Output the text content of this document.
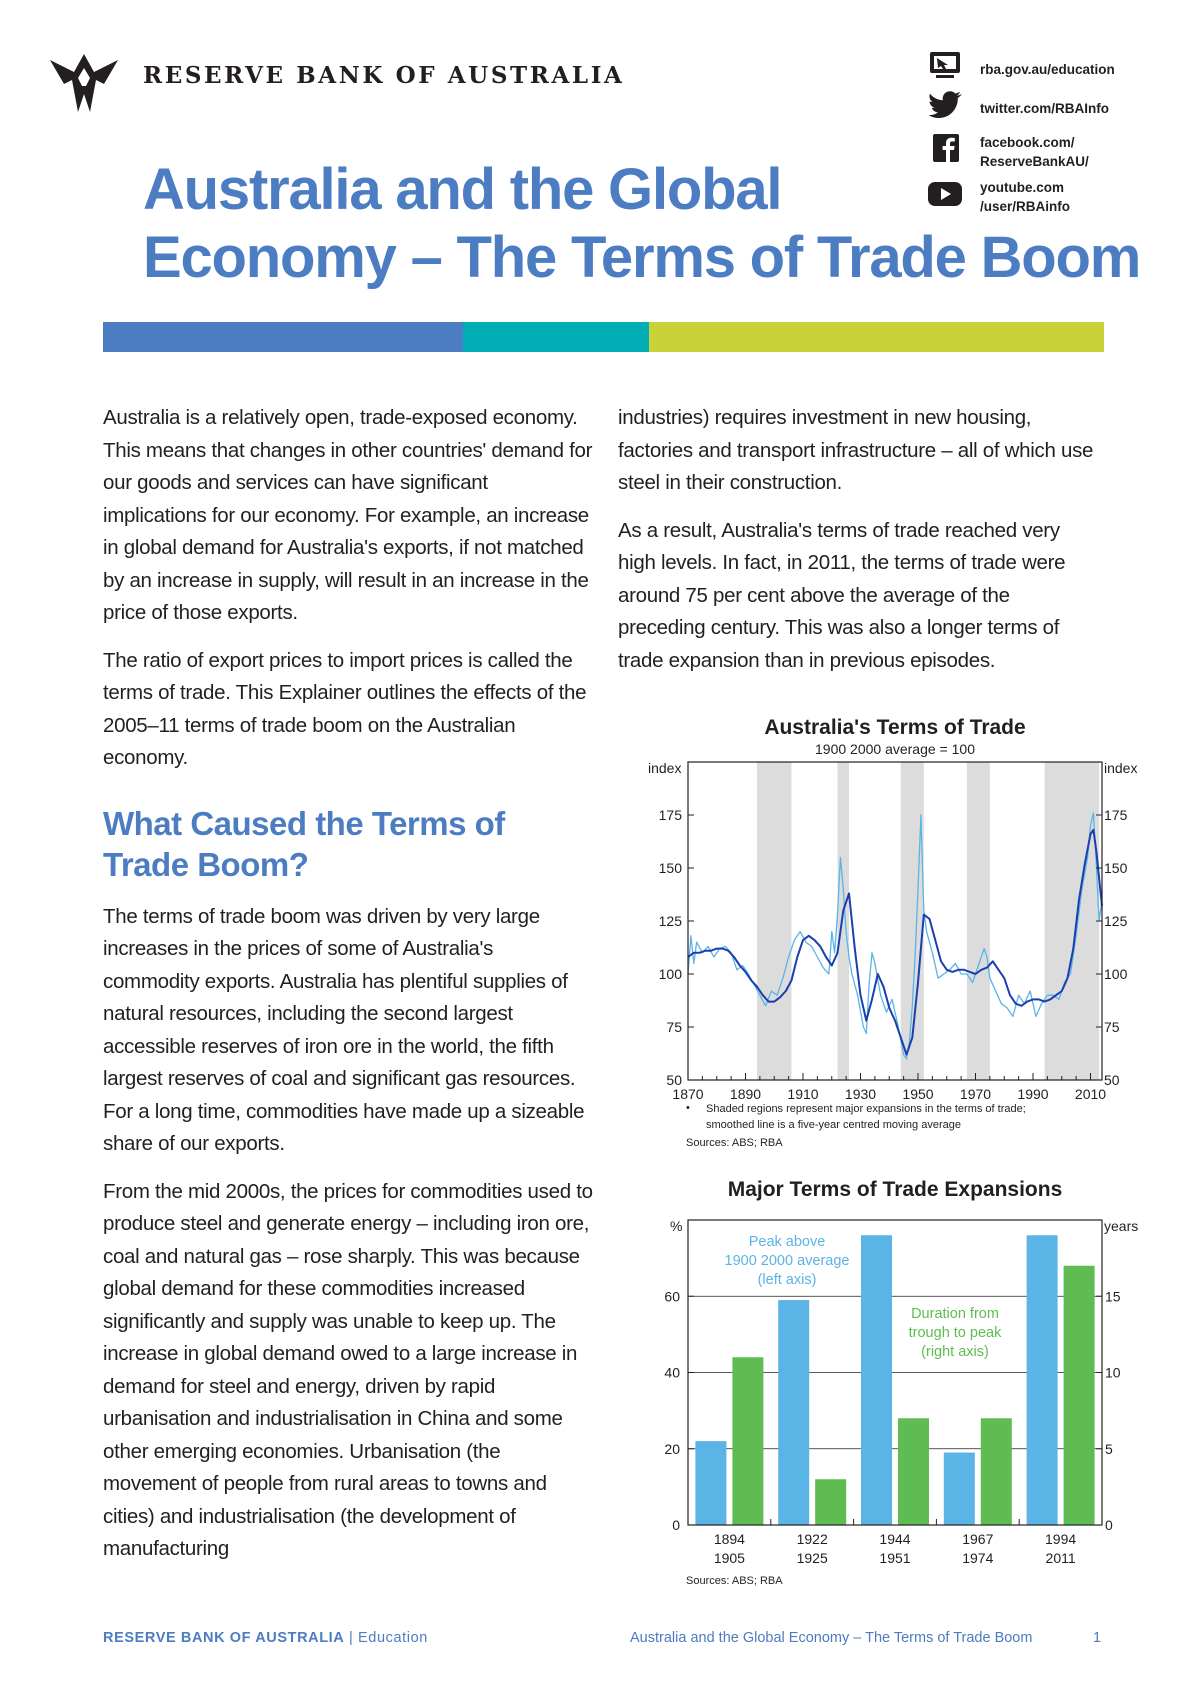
RESERVE BANK OF AUSTRALIA	rba.gov.au/education
twitter.com/RBAInfo
facebook.com/
ReserveBankAU/
youtube.com
/user/RBAinfo
Australia and the Global
Economy – The Terms of Trade Boom

Australia is a relatively open, trade-exposed economy. This means that changes in other countries' demand for our goods and services can have significant implications for our economy. For example, an increase in global demand for Australia's exports, if not matched by an increase in supply, will result in an increase in the price of those exports.

The ratio of export prices to import prices is called the terms of trade. This Explainer outlines the effects of the 2005–11 terms of trade boom on the Australian economy.

What Caused the Terms of Trade Boom?

The terms of trade boom was driven by very large increases in the prices of some of Australia's commodity exports. Australia has plentiful supplies of natural resources, including the second largest accessible reserves of iron ore in the world, the fifth largest reserves of coal and significant gas resources. For a long time, commodities have made up a sizeable share of our exports.

From the mid 2000s, the prices for commodities used to produce steel and generate energy – including iron ore, coal and natural gas – rose sharply. This was because global demand for these commodities increased significantly and supply was unable to keep up. The increase in global demand owed to a large increase in demand for steel and energy, driven by rapid urbanisation and industrialisation in China and some other emerging economies. Urbanisation (the movement of people from rural areas to towns and cities) and industrialisation (the development of manufacturing

industries) requires investment in new housing, factories and transport infrastructure – all of which use steel in their construction.

As a result, Australia's terms of trade reached very high levels. In fact, in 2011, the terms of trade were around 75 per cent above the average of the preceding century. This was also a longer terms of trade expansion than in previous episodes.

Australia's Terms of Trade
1900 2000 average = 100
50	50
75	75
100	100
125	125
150	150
175	175
1870 1890 1910 1930 1950 1970 1990 2010
index	index
• Shaded regions represent major expansions in the terms of trade;
smoothed line is a five-year centred moving average
Sources: ABS; RBA
Major Terms of Trade Expansions
0
20
40
60
0
5
10
15
1894
1905
1922
1925
1944
1951
1967
1974
1994
2011
%	years
Peak above
1900 2000 average
(left axis)
Duration from
trough to peak
(right axis)
Sources: ABS; RBA
RESERVE BANK OF AUSTRALIA | Education	Australia and the Global Economy – The Terms of Trade Boom	1
